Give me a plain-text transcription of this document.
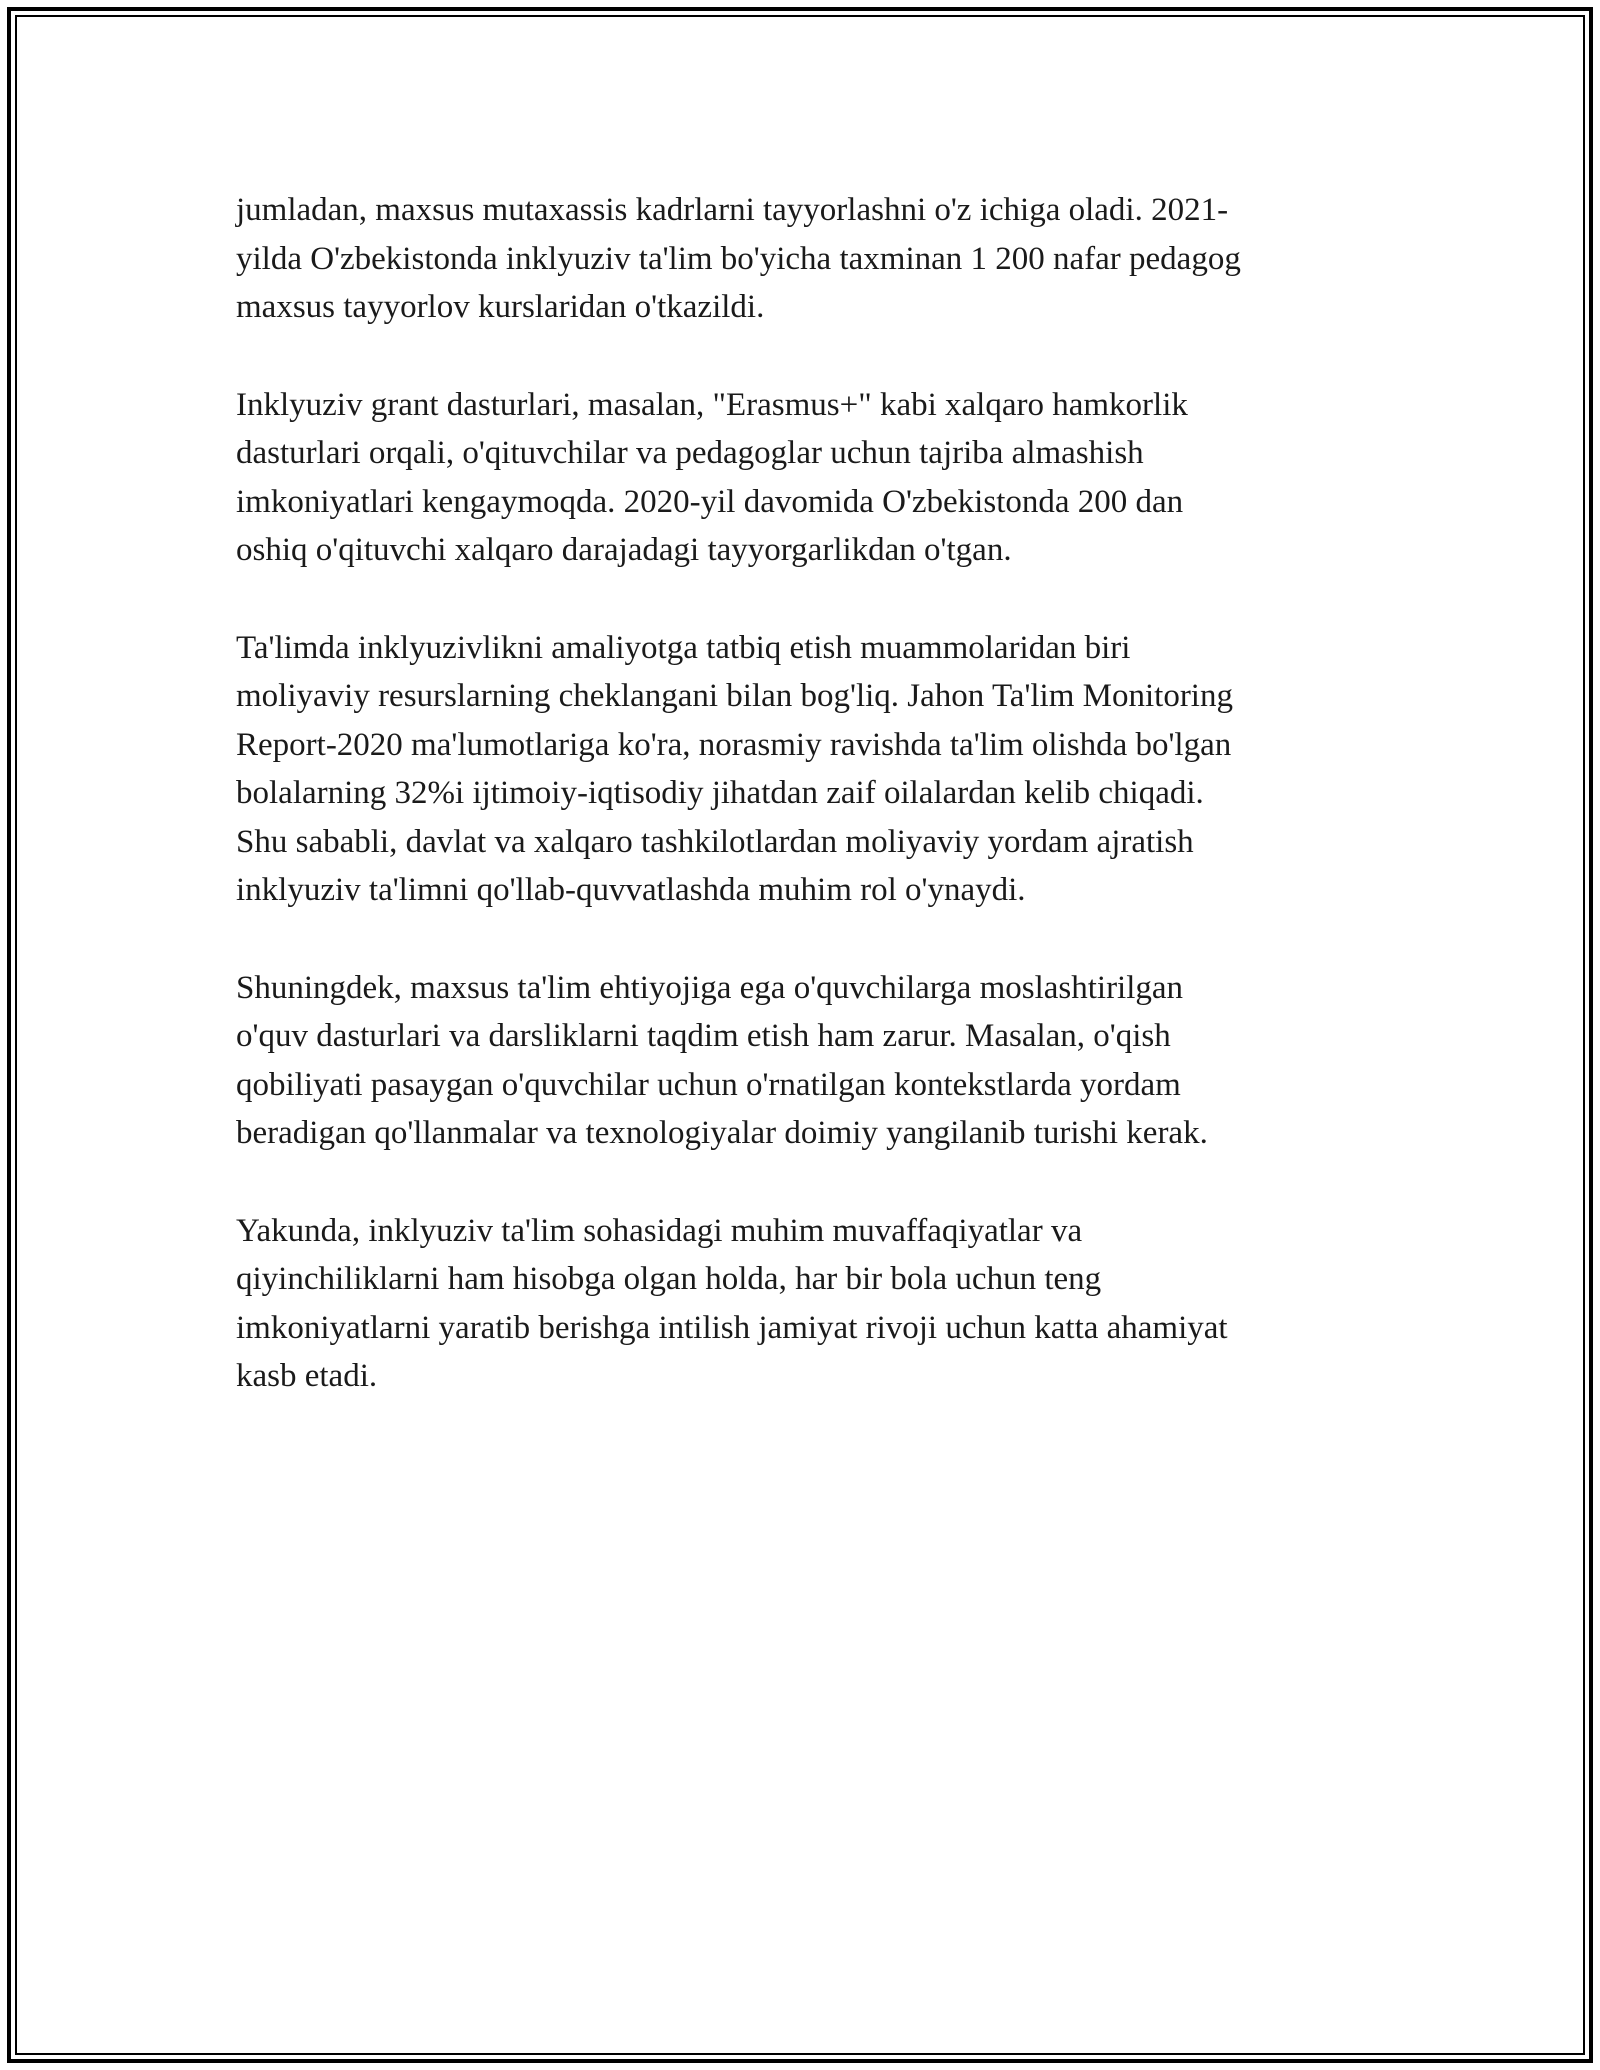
jumladan, maxsus mutaxassis kadrlarni tayyorlashni o'z ichiga oladi. 2021-
yilda O'zbekistonda inklyuziv ta'lim bo'yicha taxminan 1 200 nafar pedagog
maxsus tayyorlov kurslaridan o'tkazildi.

Inklyuziv grant dasturlari, masalan, "Erasmus+" kabi xalqaro hamkorlik
dasturlari orqali, o'qituvchilar va pedagoglar uchun tajriba almashish
imkoniyatlari kengaymoqda. 2020-yil davomida O'zbekistonda 200 dan
oshiq o'qituvchi xalqaro darajadagi tayyorgarlikdan o'tgan.

Ta'limda inklyuzivlikni amaliyotga tatbiq etish muammolaridan biri
moliyaviy resurslarning cheklangani bilan bog'liq. Jahon Ta'lim Monitoring
Report-2020 ma'lumotlariga ko'ra, norasmiy ravishda ta'lim olishda bo'lgan
bolalarning 32%i ijtimoiy-iqtisodiy jihatdan zaif oilalardan kelib chiqadi.
Shu sababli, davlat va xalqaro tashkilotlardan moliyaviy yordam ajratish
inklyuziv ta'limni qo'llab-quvvatlashda muhim rol o'ynaydi.

Shuningdek, maxsus ta'lim ehtiyojiga ega o'quvchilarga moslashtirilgan
o'quv dasturlari va darsliklarni taqdim etish ham zarur. Masalan, o'qish
qobiliyati pasaygan o'quvchilar uchun o'rnatilgan kontekstlarda yordam
beradigan qo'llanmalar va texnologiyalar doimiy yangilanib turishi kerak.

Yakunda, inklyuziv ta'lim sohasidagi muhim muvaffaqiyatlar va
qiyinchiliklarni ham hisobga olgan holda, har bir bola uchun teng
imkoniyatlarni yaratib berishga intilish jamiyat rivoji uchun katta ahamiyat
kasb etadi.
